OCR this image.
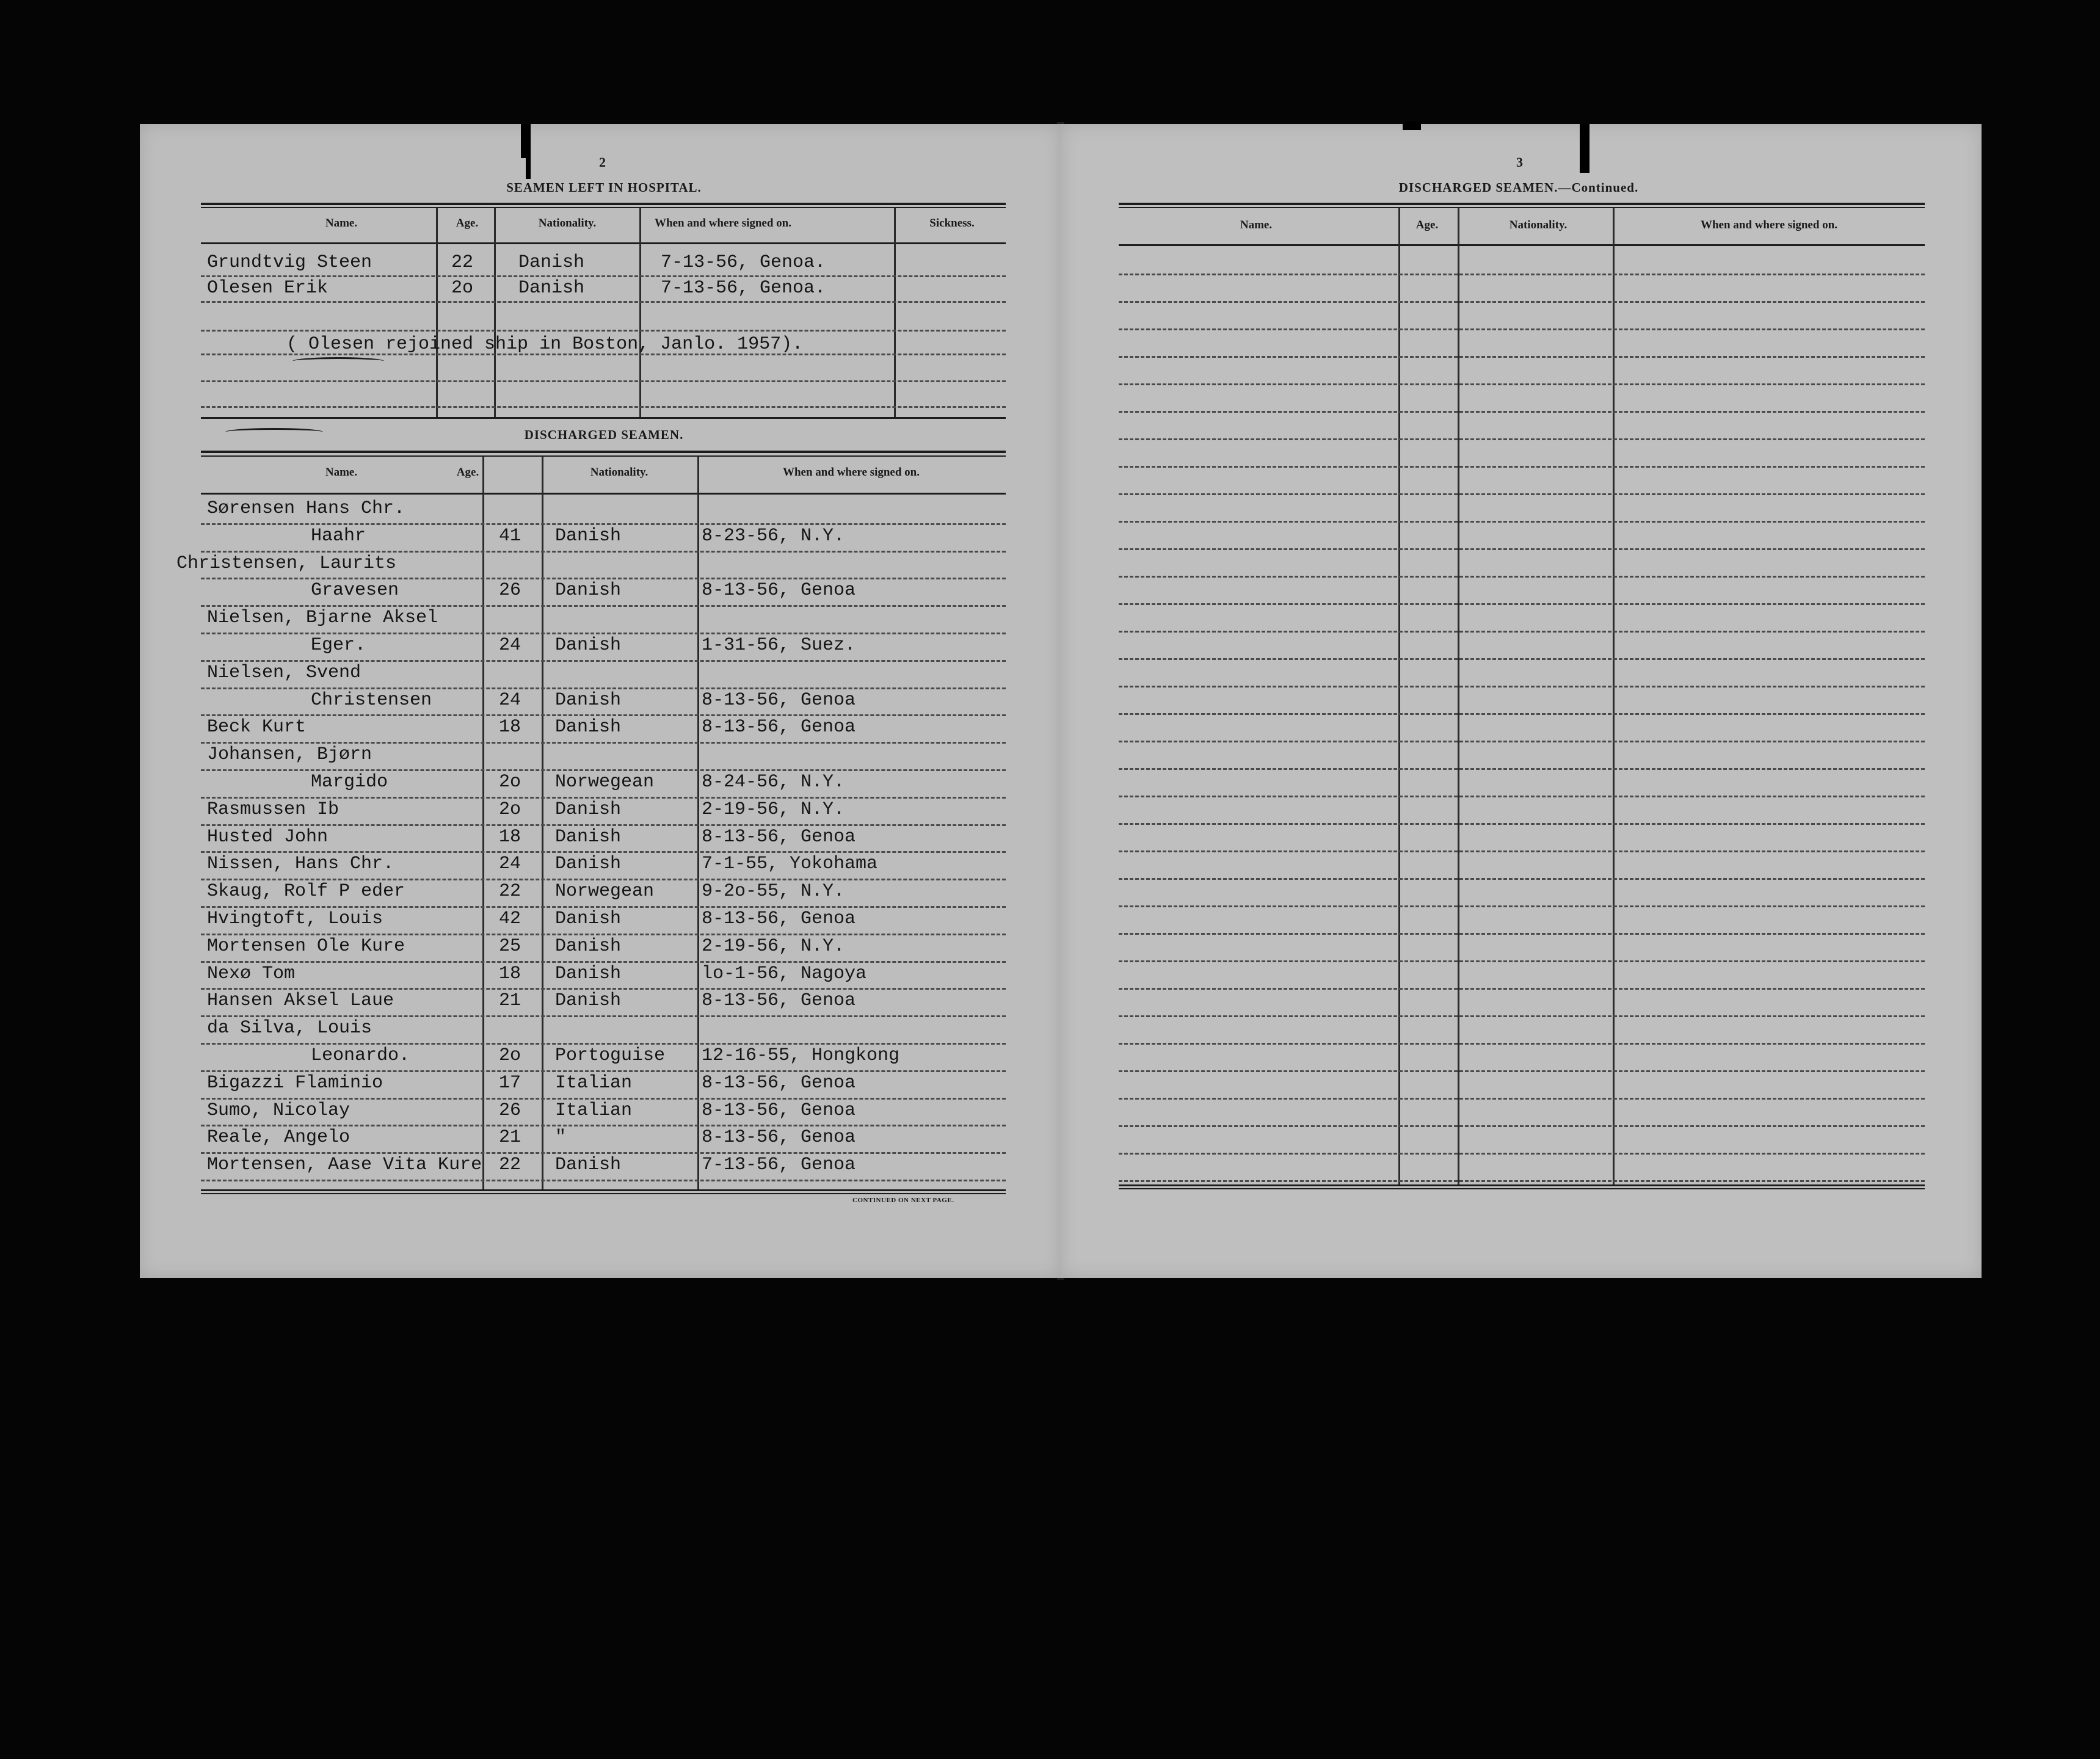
2
SEAMEN LEFT IN HOSPITAL.
Name.	Age.	Nationality.	When and where signed on.	Sickness.
Grundtvig Steen	22 Danish	7-13-56, Genoa.
Olesen Erik	2o Danish	7-13-56, Genoa.
( Olesen rejoined ship in Boston, Janlo. 1957).
DISCHARGED SEAMEN.
Name.	Age.	Nationality.	When and where signed on.
Sørensen Hans Chr.
Haahr	41 Danish	8-23-56, N.Y.
Christensen, Laurits
Gravesen	26 Danish	8-13-56, Genoa
Nielsen, Bjarne Aksel
Eger.	24 Danish	1-31-56, Suez.
Nielsen, Svend
Christensen	24 Danish	8-13-56, Genoa
Beck Kurt	18 Danish	8-13-56, Genoa
Johansen, Bjørn
Margido	2o Norwegean	8-24-56, N.Y.
Rasmussen Ib	2o Danish	2-19-56, N.Y.
Husted John	18 Danish	8-13-56, Genoa
Nissen, Hans Chr.	24 Danish	7-1-55, Yokohama
Skaug, Rolf P eder	22 Norwegean	9-2o-55, N.Y.
Hvingtoft, Louis	42 Danish	8-13-56, Genoa
Mortensen Ole Kure	25 Danish	2-19-56, N.Y.
Nexø Tom	18 Danish	lo-1-56, Nagoya
Hansen Aksel Laue	21 Danish	8-13-56, Genoa
da Silva, Louis
Leonardo.	2o Portoguise 12-16-55, Hongkong
Bigazzi Flaminio	17 Italian	8-13-56, Genoa
Sumo, Nicolay	26 Italian	8-13-56, Genoa
Reale, Angelo	21 "	8-13-56, Genoa
Mortensen, Aase Vita Kure 22 Danish	7-13-56, Genoa
CONTINUED ON NEXT PAGE.
3
DISCHARGED SEAMEN.—Continued.
Name.	Age.	Nationality.	When and where signed on.
